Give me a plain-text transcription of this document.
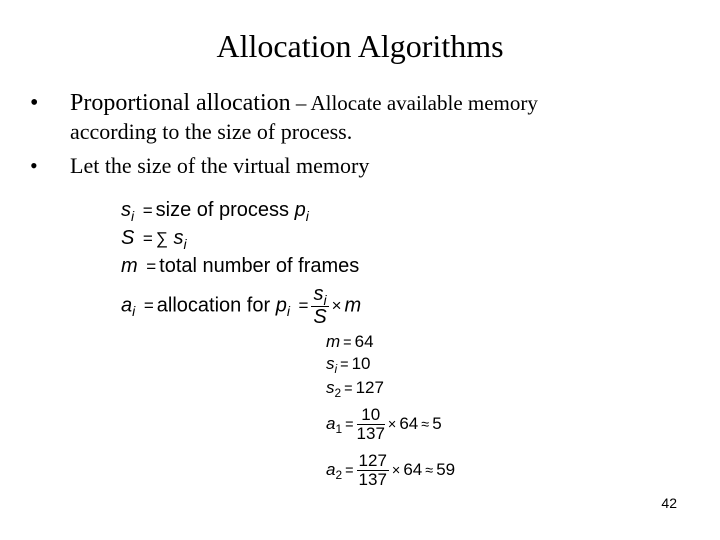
Allocation Algorithms
• Proportional allocation – Allocate available memory
according to the size of process.
• Let the size of the virtual memory
$s_i$ = size of process $p_i$
S = ∑ $s_i$
m = total number of frames
$a_i$ = allocation for $p_i = \frac{s_i}{S} \times m$
m = 64
$s_i = 10$
$s_2 = 127$
$a_1 = \frac{10}{137} \times 64 \approx 5$
$a_2 = \frac{127}{137} \times 64 \approx 59$
42
